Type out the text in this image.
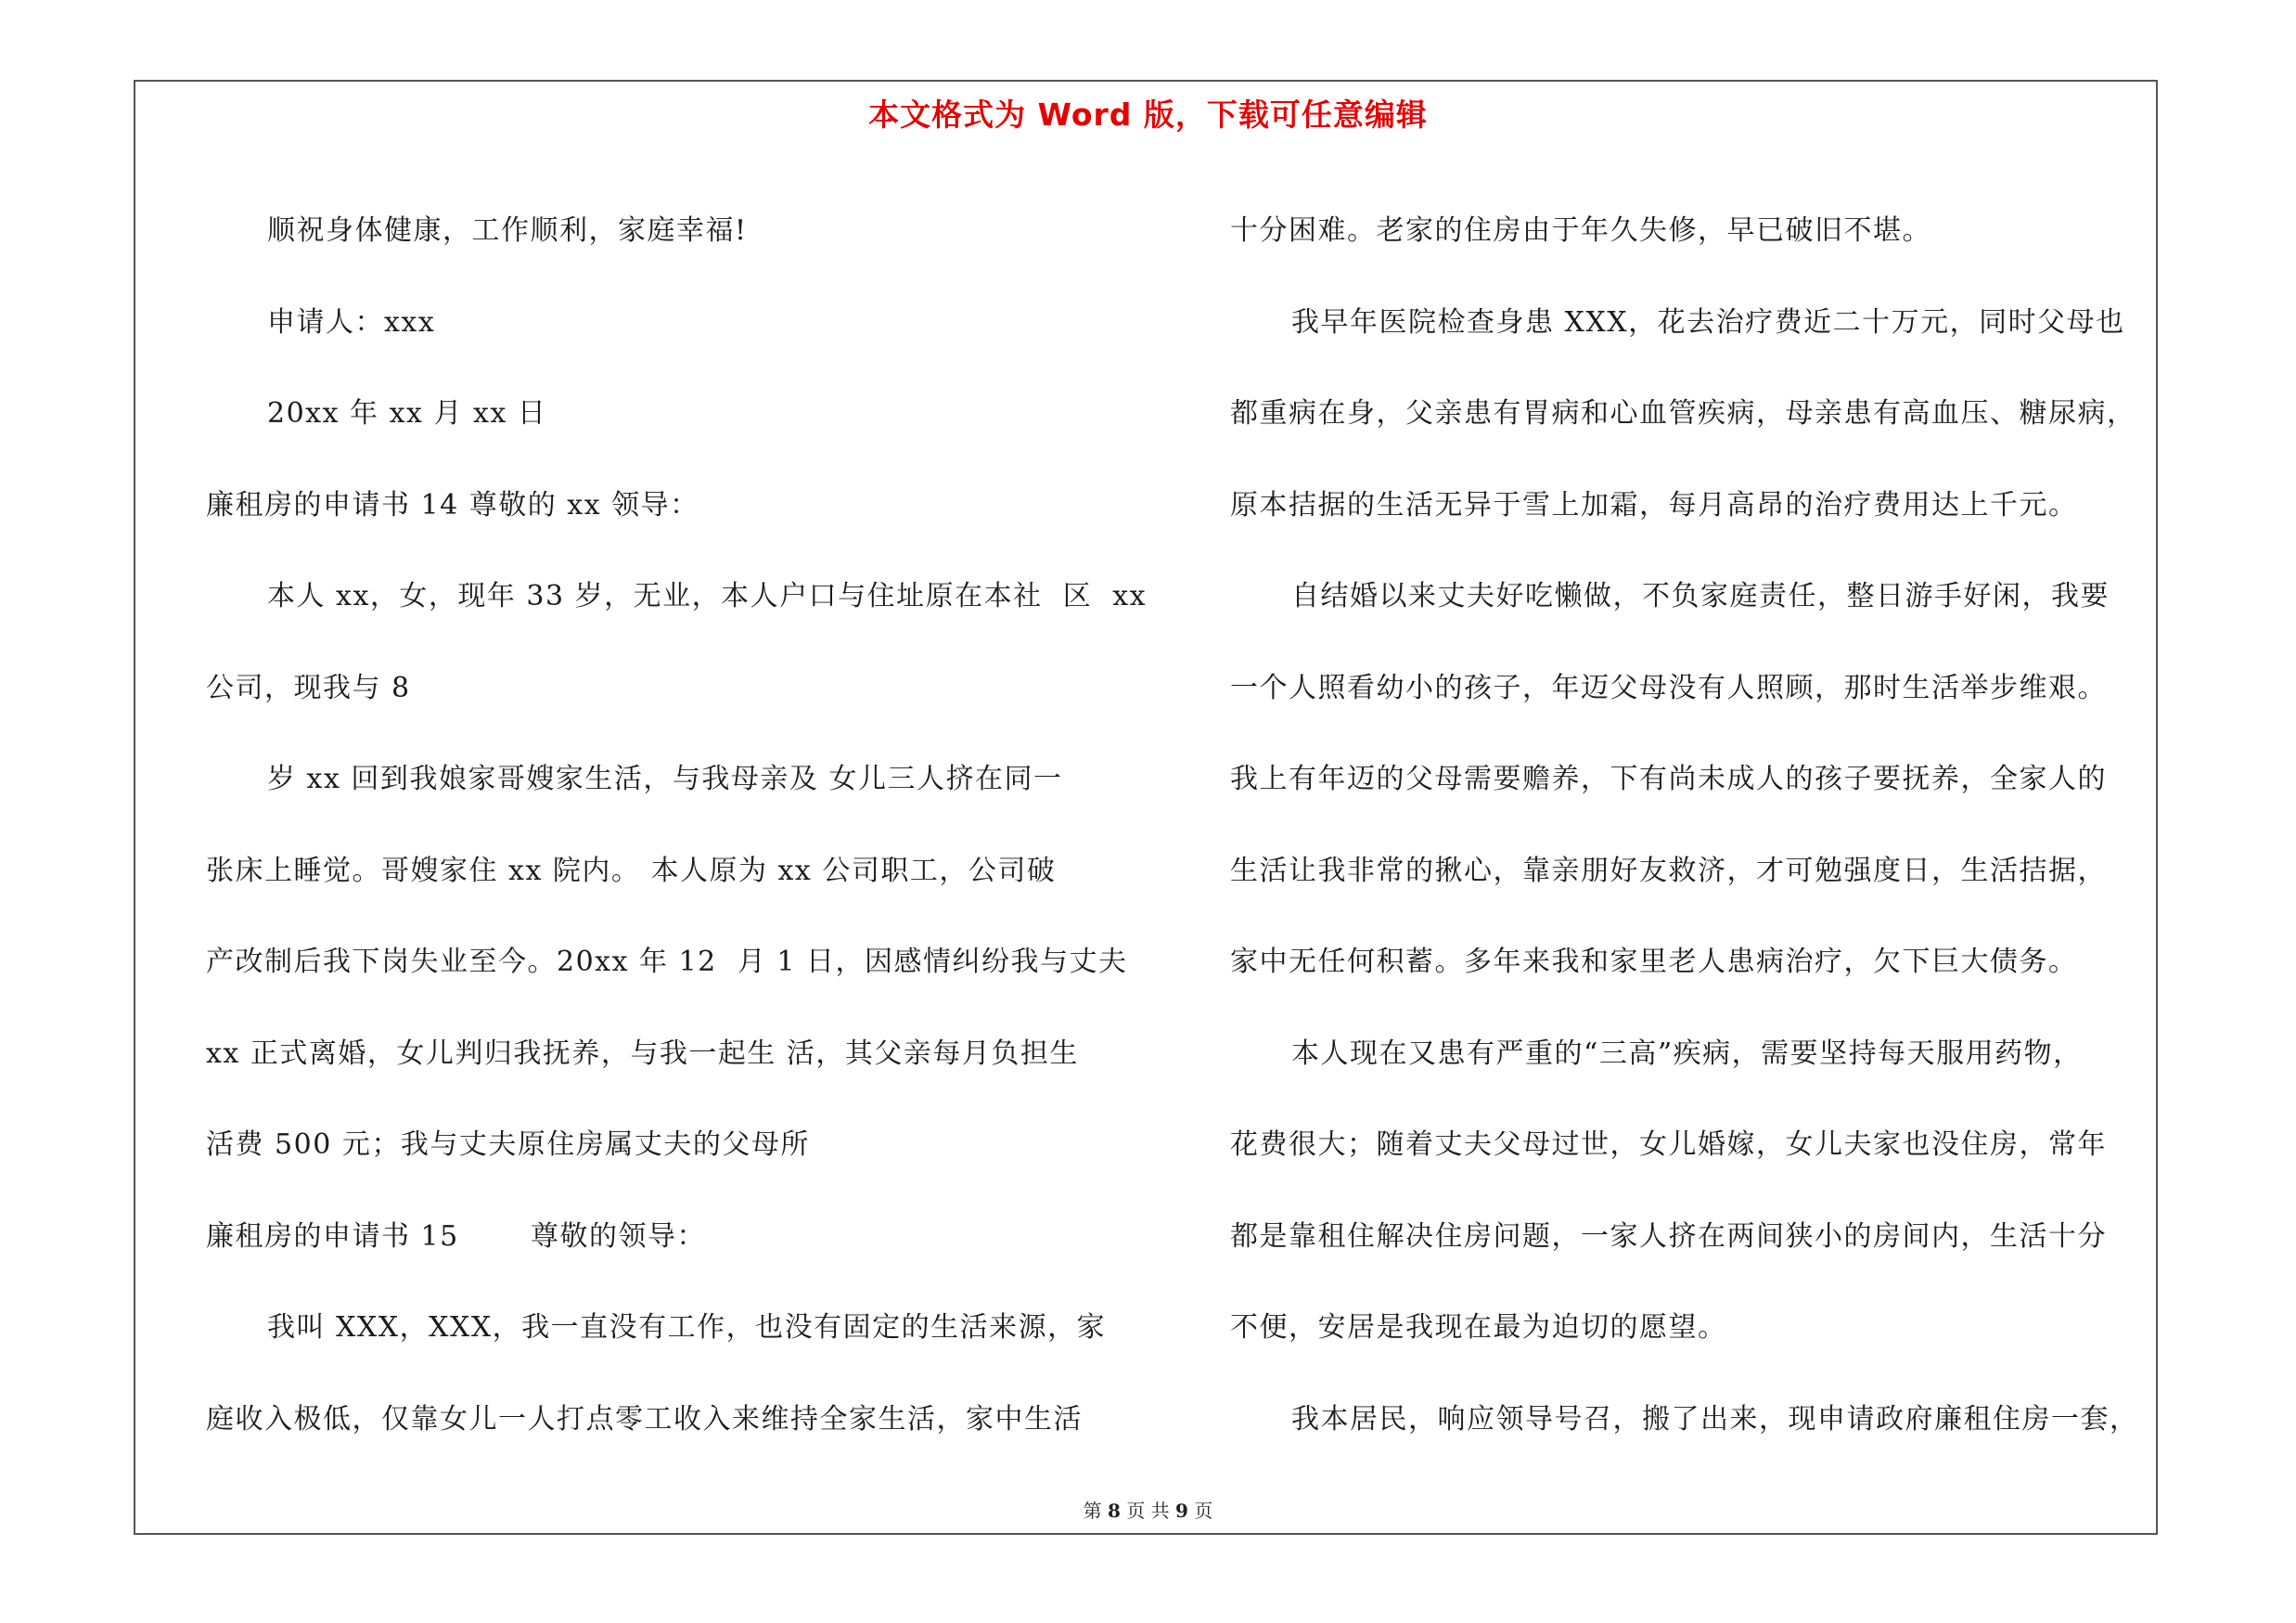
本文格式为 Word 版，下载可任意编辑
顺祝身体健康，工作顺利，家庭幸福!
申请人：xxx
20xx 年 xx 月 xx 日
廉租房的申请书 14 尊敬的 xx 领导：
本人 xx，女，现年 33 岁，无业，本人户口与住址原在本社  区  xx
公司，现我与 8
岁 xx 回到我娘家哥嫂家生活，与我母亲及 女儿三人挤在同一
张床上睡觉。哥嫂家住 xx 院内。 本人原为 xx 公司职工，公司破
产改制后我下岗失业至今。20xx 年 12  月 1 日，因感情纠纷我与丈夫
xx 正式离婚，女儿判归我抚养，与我一起生 活，其父亲每月负担生
活费 500 元；我与丈夫原住房属丈夫的父母所
廉租房的申请书 15       尊敬的领导：
我叫 XXX，XXX，我一直没有工作，也没有固定的生活来源，家
庭收入极低，仅靠女儿一人打点零工收入来维持全家生活，家中生活
十分困难。老家的住房由于年久失修，早已破旧不堪。
我早年医院检查身患 XXX，花去治疗费近二十万元，同时父母也
都重病在身，父亲患有胃病和心血管疾病，母亲患有高血压、糖尿病，
原本拮据的生活无异于雪上加霜，每月高昂的治疗费用达上千元。
自结婚以来丈夫好吃懒做，不负家庭责任，整日游手好闲，我要
一个人照看幼小的孩子，年迈父母没有人照顾，那时生活举步维艰。
我上有年迈的父母需要赡养，下有尚未成人的孩子要抚养，全家人的
生活让我非常的揪心，靠亲朋好友救济，才可勉强度日，生活拮据，
家中无任何积蓄。多年来我和家里老人患病治疗，欠下巨大债务。
本人现在又患有严重的“三高”疾病，需要坚持每天服用药物，
花费很大；随着丈夫父母过世，女儿婚嫁，女儿夫家也没住房，常年
都是靠租住解决住房问题，一家人挤在两间狭小的房间内，生活十分
不便，安居是我现在最为迫切的愿望。
我本居民，响应领导号召，搬了出来，现申请政府廉租住房一套，
第 8 页 共 9 页
